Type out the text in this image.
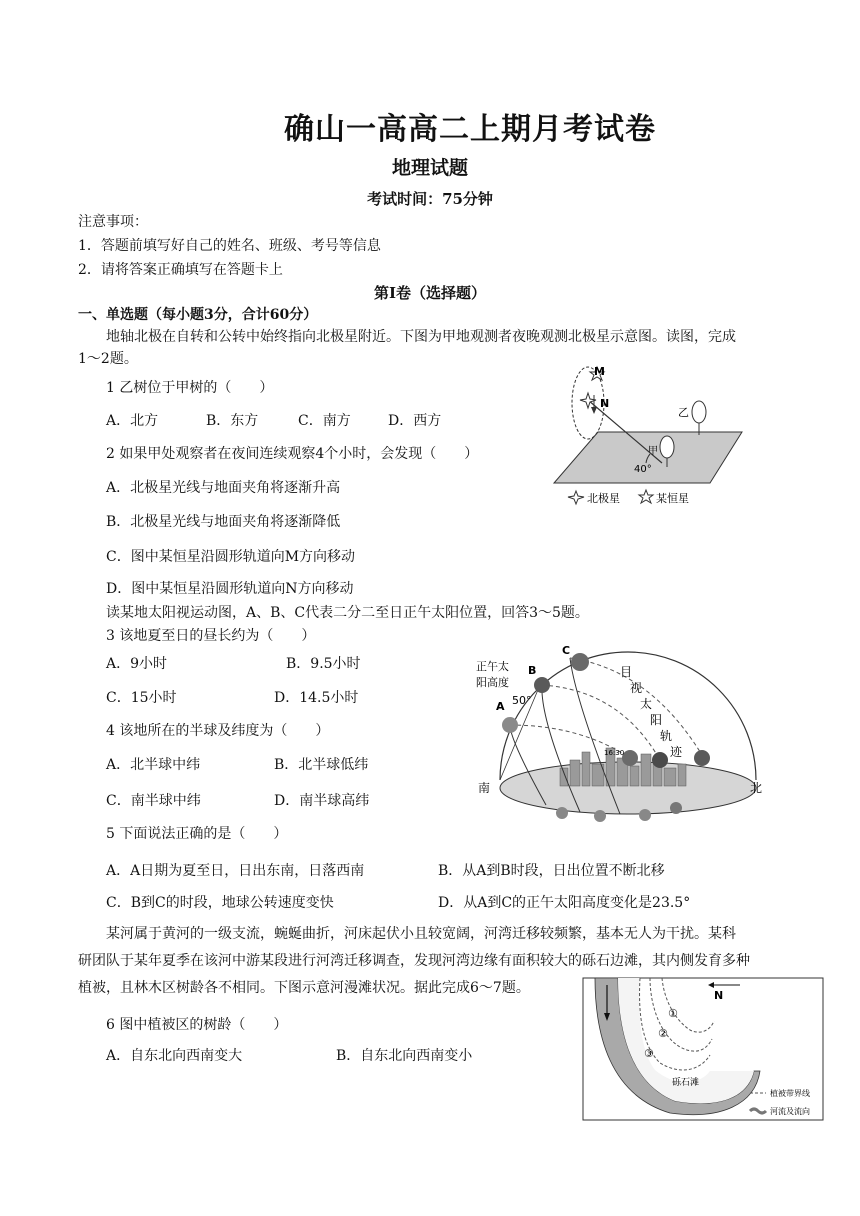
确山一高高二上期月考试卷
地理试题
考试时间：75分钟
注意事项：
1．答题前填写好自己的姓名、班级、考号等信息
2．请将答案正确填写在答题卡上
第Ⅰ卷（选择题）
一、单选题（每小题3分，合计60分）
地轴北极在自转和公转中始终指向北极星附近。下图为甲地观测者夜晚观测北极星示意图。读图，完成
1～2题。
1 乙树位于甲树的（　　）
A．北方	B．东方	C．南方	D．西方
2 如果甲处观察者在夜间连续观察4个小时，会发现（　　）
A．北极星光线与地面夹角将逐渐升高
B．北极星光线与地面夹角将逐渐降低
C．图中某恒星沿圆形轨道向M方向移动
D．图中某恒星沿圆形轨道向N方向移动
读某地太阳视运动图，A、B、C代表二分二至日正午太阳位置，回答3～5题。
3 该地夏至日的昼长约为（　　）
A．9小时	B．9.5小时
C．15小时	D．14.5小时
4 该地所在的半球及纬度为（　　）
A．北半球中纬	B．北半球低纬
C．南半球中纬	D．南半球高纬
5 下面说法正确的是（　　）
A．A日期为夏至日，日出东南，日落西南	B．从A到B时段，日出位置不断北移
C．B到C的时段，地球公转速度变快	D．从A到C的正午太阳高度变化是23.5°
某河属于黄河的一级支流，蜿蜒曲折，河床起伏小且较宽阔，河湾迁移较频繁，基本无人为干扰。某科
研团队于某年夏季在该河中游某段进行河湾迁移调查，发现河湾边缘有面积较大的砾石边滩，其内侧发育多种
植被，且林木区树龄各不相同。下图示意河漫滩状况。据此完成6～7题。
6 图中植被区的树龄（　　）
A．自东北向西南变大	B．自东北向西南变小
M
N
乙
甲
40°
北极星	某恒星
正午太
阳高度
50°
A
B
C
目
视
太
阳
轨
迹
16:30
南	北
N
①
②
③
砾石滩
植被带界线
河流及流向
